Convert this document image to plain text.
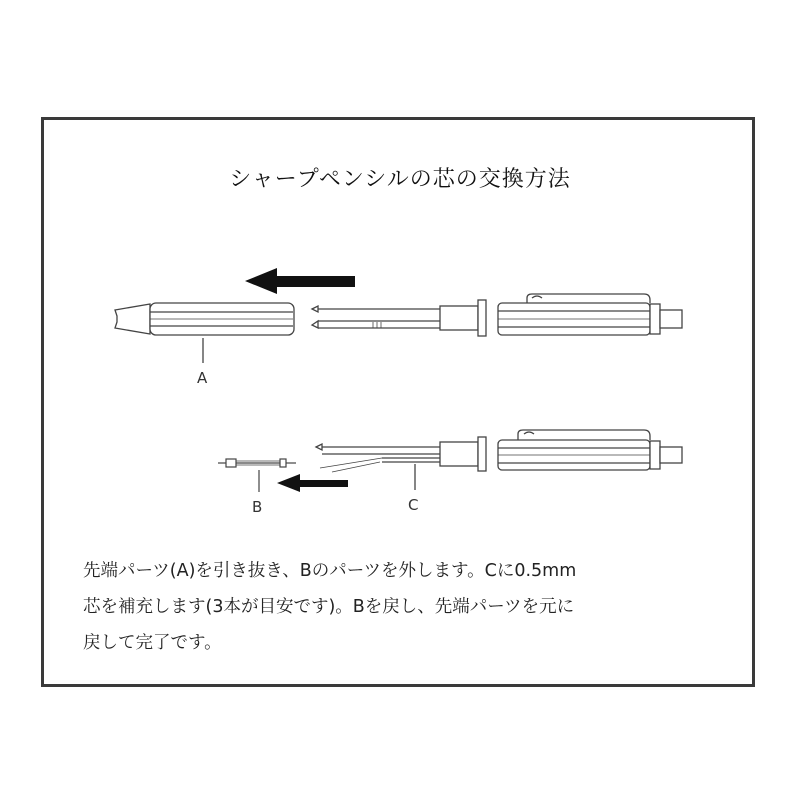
シャープペンシルの芯の交換方法
A
C
B

先端パーツ(A)を引き抜き、Bのパーツを外します。Cに0.5mm
芯を補充します(3本が目安です)。Bを戻し、先端パーツを元に
戻して完了です。
